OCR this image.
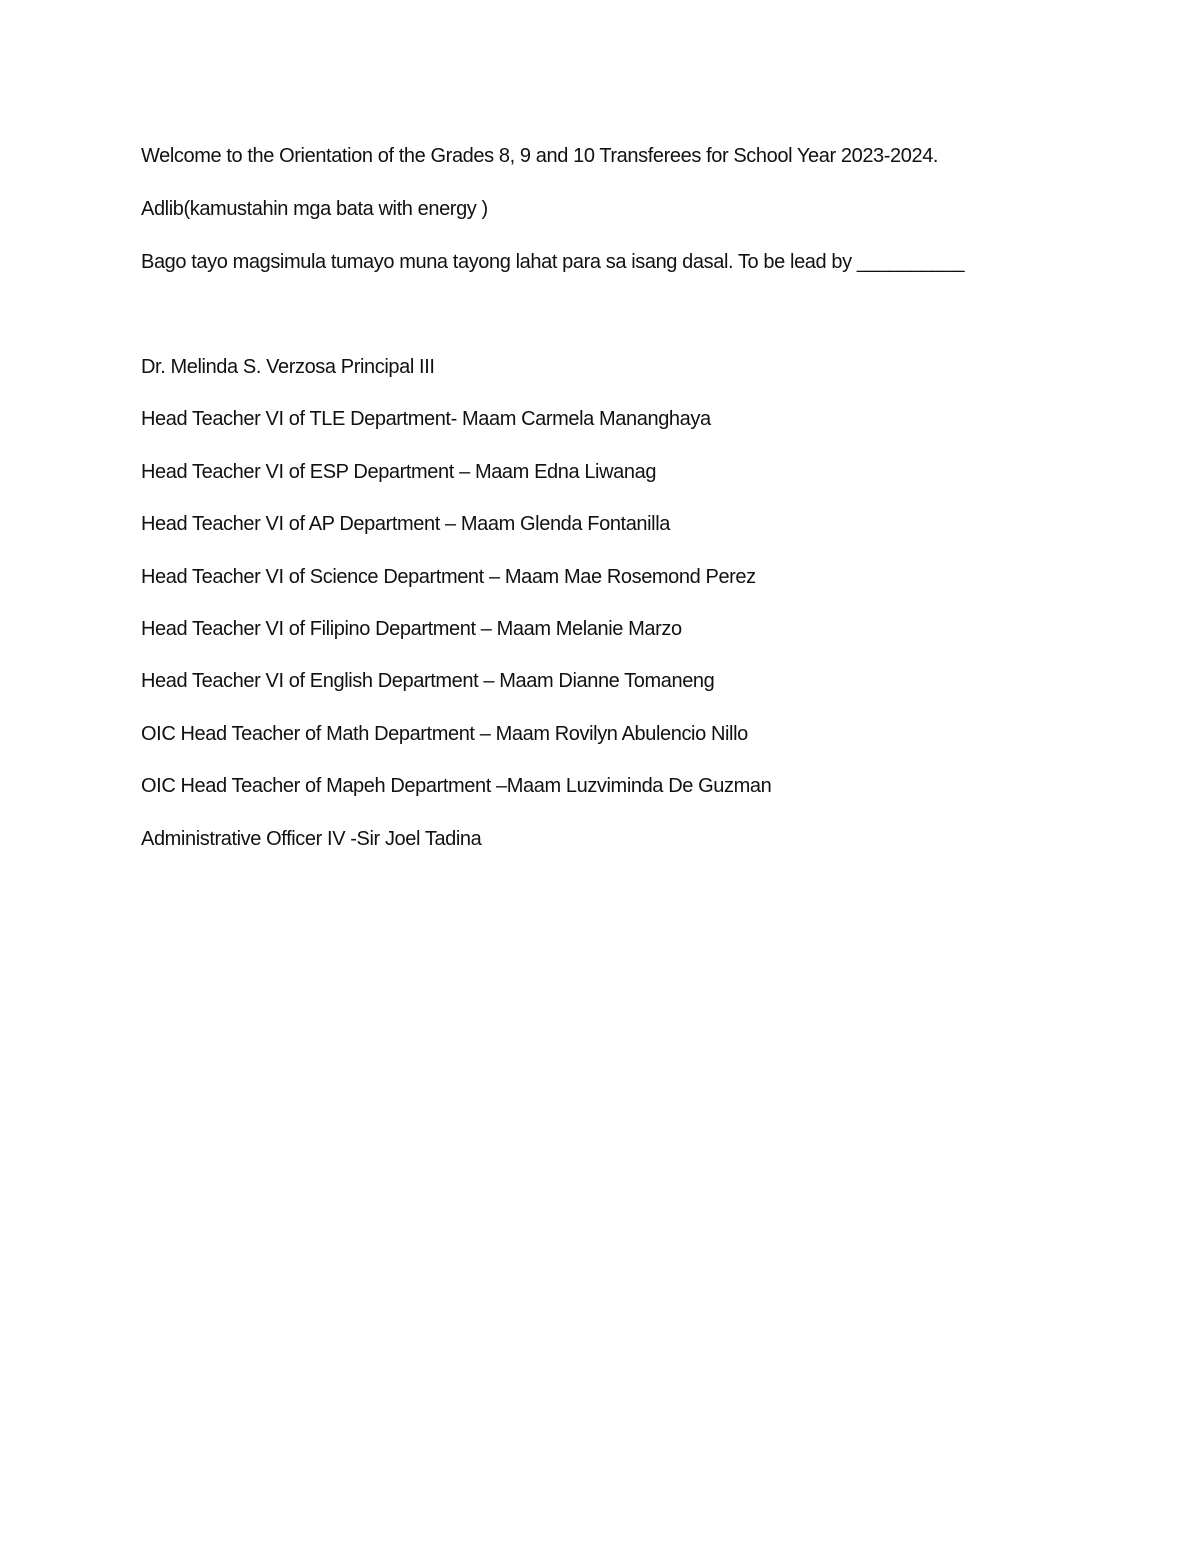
Welcome to the Orientation of the Grades 8, 9 and 10 Transferees for School Year 2023-2024.

Adlib(kamustahin mga bata with energy )

Bago tayo magsimula tumayo muna tayong lahat para sa isang dasal. To be lead by __________

Dr. Melinda S. Verzosa Principal III

Head Teacher VI of TLE Department- Maam Carmela Mananghaya

Head Teacher VI of ESP Department – Maam Edna Liwanag

Head Teacher VI of AP Department – Maam Glenda Fontanilla

Head Teacher VI of Science Department – Maam Mae Rosemond Perez

Head Teacher VI of Filipino Department – Maam Melanie Marzo

Head Teacher VI of English Department – Maam Dianne Tomaneng

OIC Head Teacher of Math Department – Maam Rovilyn Abulencio Nillo

OIC Head Teacher of Mapeh Department –Maam Luzviminda De Guzman

Administrative Officer IV -Sir Joel Tadina
